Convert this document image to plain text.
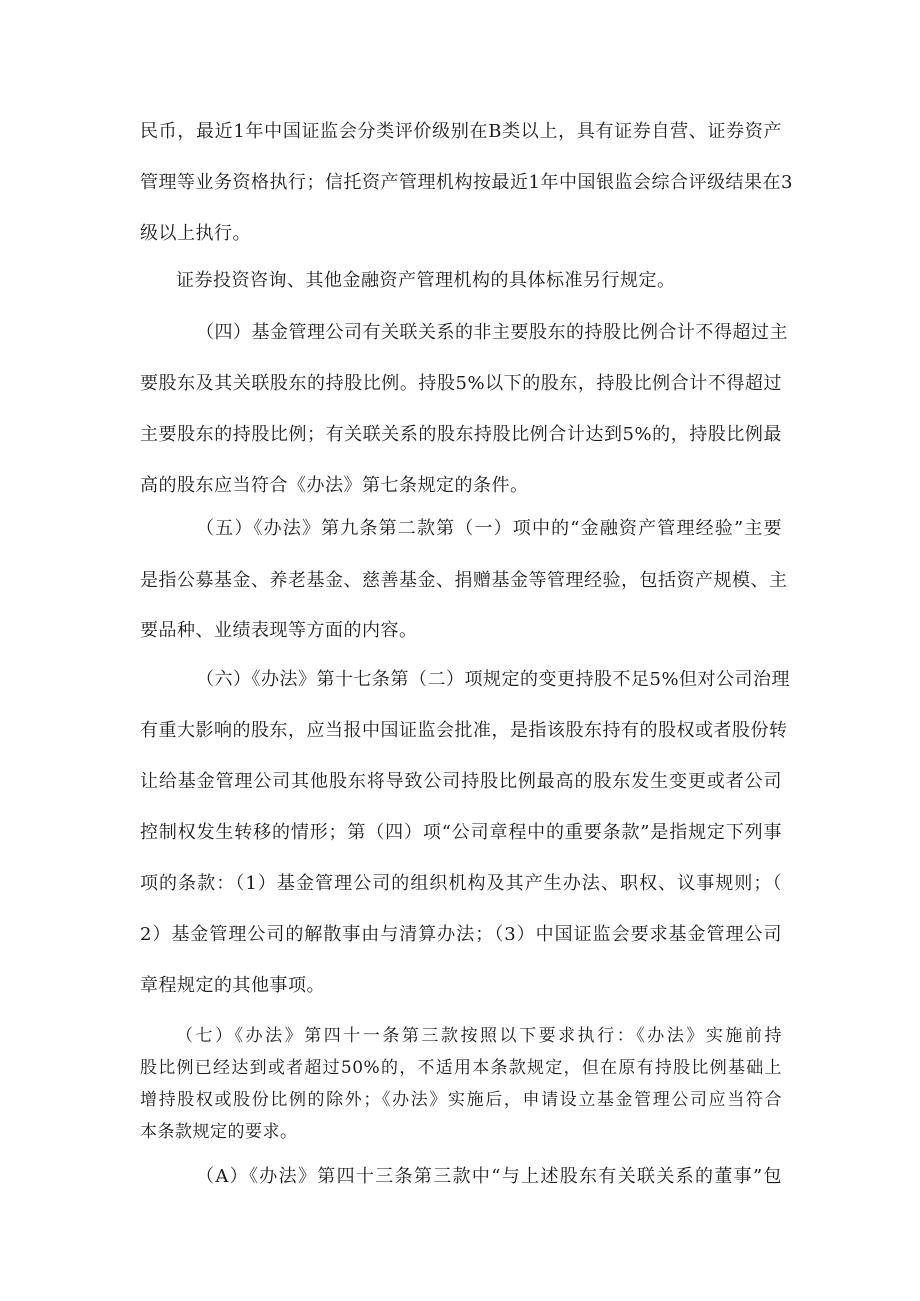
民币，最近1年中国证监会分类评价级别在B类以上，具有证券自营、证券资产
管理等业务资格执行；信托资产管理机构按最近1年中国银监会综合评级结果在3
级以上执行。
证券投资咨询、其他金融资产管理机构的具体标准另行规定。
（四）基金管理公司有关联关系的非主要股东的持股比例合计不得超过主
要股东及其关联股东的持股比例。持股5%以下的股东，持股比例合计不得超过
主要股东的持股比例；有关联关系的股东持股比例合计达到5%的，持股比例最
高的股东应当符合《办法》第七条规定的条件。
（五）《办法》第九条第二款第（一）项中的“金融资产管理经验”主要
是指公募基金、养老基金、慈善基金、捐赠基金等管理经验，包括资产规模、主
要品种、业绩表现等方面的内容。
（六）《办法》第十七条第（二）项规定的变更持股不足5%但对公司治理
有重大影响的股东，应当报中国证监会批准，是指该股东持有的股权或者股份转
让给基金管理公司其他股东将导致公司持股比例最高的股东发生变更或者公司
控制权发生转移的情形；第（四）项“公司章程中的重要条款”是指规定下列事
项的条款：（1）基金管理公司的组织机构及其产生办法、职权、议事规则；（
2）基金管理公司的解散事由与清算办法；（3）中国证监会要求基金管理公司
章程规定的其他事项。
（七）《办法》第四十一条第三款按照以下要求执行：《办法》实施前持
股比例已经达到或者超过50%的，不适用本条款规定，但在原有持股比例基础上
增持股权或股份比例的除外；《办法》实施后，申请设立基金管理公司应当符合
本条款规定的要求。
（A）《办法》第四十三条第三款中“与上述股东有关联关系的董事”包
